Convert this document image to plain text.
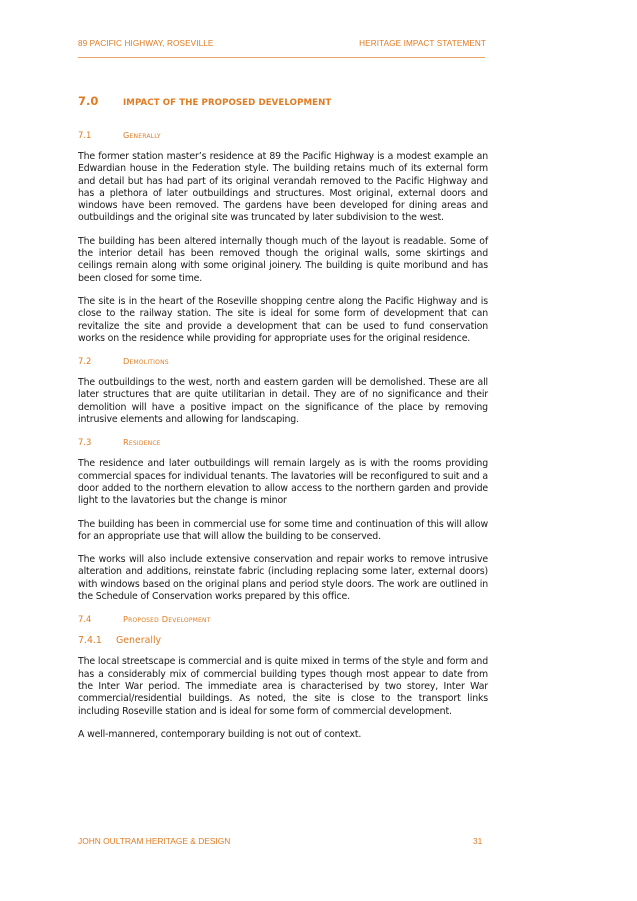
89 PACIFIC HIGHWAY, ROSEVILLE	HERITAGE IMPACT STATEMENT
7.0	IMPACT OF THE PROPOSED DEVELOPMENT
7.1	Generally

The former station master’s residence at 89 the Pacific Highway is a modest example an Edwardian house in the Federation style. The building retains much of its external form and detail but has had part of its original verandah removed to the Pacific Highway and has a plethora of later outbuildings and structures. Most original, external doors and windows have been removed. The gardens have been developed for dining areas and outbuildings and the original site was truncated by later subdivision to the west.

The building has been altered internally though much of the layout is readable. Some of the interior detail has been removed though the original walls, some skirtings and ceilings remain along with some original joinery. The building is quite moribund and has been closed for some time.

The site is in the heart of the Roseville shopping centre along the Pacific Highway and is close to the railway station. The site is ideal for some form of development that can revitalize the site and provide a development that can be used to fund conservation works on the residence while providing for appropriate uses for the original residence.

7.2	Demolitions

The outbuildings to the west, north and eastern garden will be demolished. These are all later structures that are quite utilitarian in detail. They are of no significance and their demolition will have a positive impact on the significance of the place by removing intrusive elements and allowing for landscaping.

7.3	Residence

The residence and later outbuildings will remain largely as is with the rooms providing commercial spaces for individual tenants. The lavatories will be reconfigured to suit and a door added to the northern elevation to allow access to the northern garden and provide light to the lavatories but the change is minor

The building has been in commercial use for some time and continuation of this will allow for an appropriate use that will allow the building to be conserved.

The works will also include extensive conservation and repair works to remove intrusive alteration and additions, reinstate fabric (including replacing some later, external doors) with windows based on the original plans and period style doors. The work are outlined in the Schedule of Conservation works prepared by this office.

7.4	Proposed Development
7.4.1	Generally

The local streetscape is commercial and is quite mixed in terms of the style and form and has a considerably mix of commercial building types though most appear to date from the Inter War period. The immediate area is characterised by two storey, Inter War commercial/residential buildings. As noted, the site is close to the transport links including Roseville station and is ideal for some form of commercial development.

A well-mannered, contemporary building is not out of context.

JOHN OULTRAM HERITAGE & DESIGN	31
